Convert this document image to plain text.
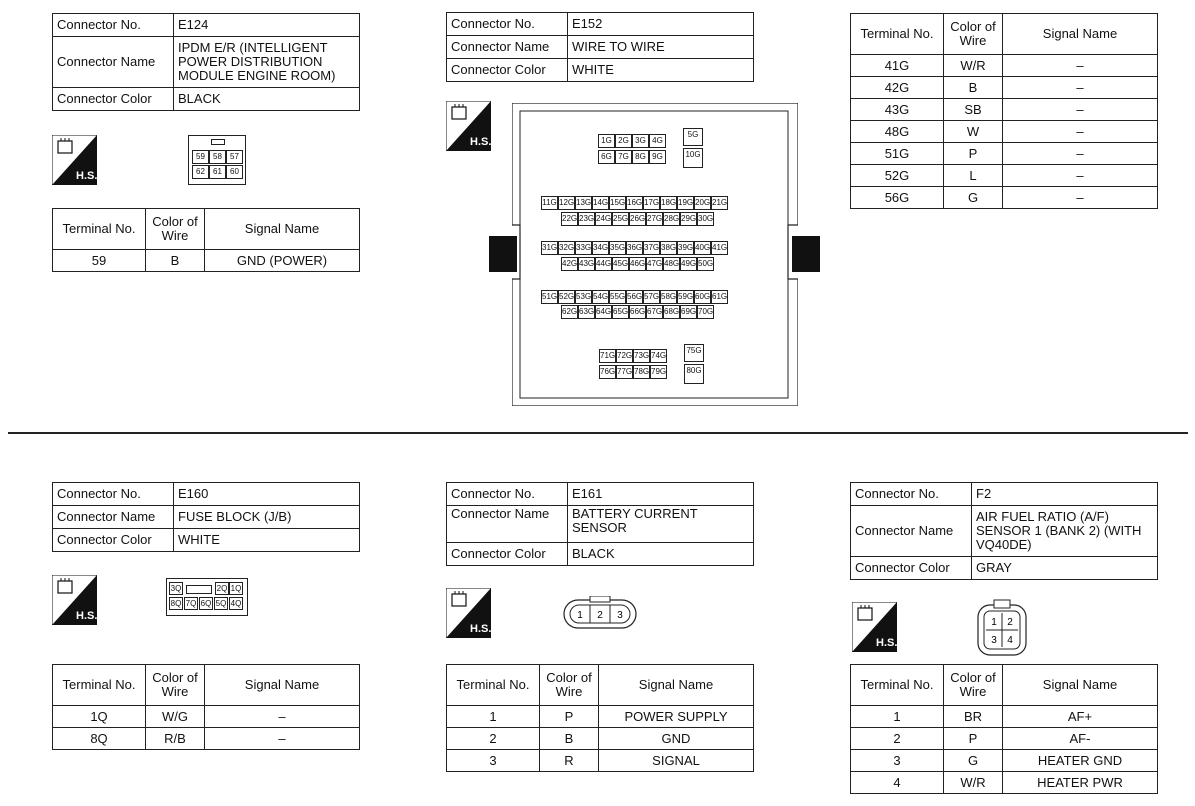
Connector No.	E124
Connector Name	IPDM E/R (INTELLIGENT POWER DISTRIBUTION MODULE ENGINE ROOM)
Connector Color	BLACK
H.S.
59	58	57
62	61	60
Terminal No.	Color of Wire	Signal Name
59	B	GND (POWER)
Connector No.	E152
Connector Name	WIRE TO WIRE
Connector Color	WHITE
H.S.	1G 2G 3G 4G
6G 7G 8G 9G
5G
10G
11G 12G 13G 14G 15G 16G 17G 18G 19G 20G 21G
22G 23G 24G 25G 26G 27G 28G 29G 30G
31G 32G 33G 34G 35G 36G 37G 38G 39G 40G 41G
42G 43G 44G 45G 46G 47G 48G 49G 50G
51G 52G 53G 54G 55G 56G 57G 58G 59G 60G 61G
62G 63G 64G 65G 66G 67G 68G 69G 70G
71G 72G 73G 74G
76G 77G 78G 79G
75G
80G
Terminal No.	Color of Wire	Signal Name
41G	W/R	–
42G	B	–
43G	SB	–
48G	W	–
51G	P	–
52G	L	–
56G	G	–
Connector No.	E160
Connector Name	FUSE BLOCK (J/B)
Connector Color	WHITE
H.S.
3Q	2Q 1Q
8Q 7Q 6Q 5Q 4Q
Terminal No.	Color of Wire	Signal Name
1Q	W/G	–
8Q	R/B	–
Connector No.	E161
Connector Name	BATTERY CURRENT SENSOR
Connector Color	BLACK
H.S.
1 2 3
Terminal No.	Color of Wire	Signal Name
1	P	POWER SUPPLY
2	B	GND
3	R	SIGNAL
Connector No.	F2
Connector Name	AIR FUEL RATIO (A/F) SENSOR 1 (BANK 2) (WITH VQ40DE)
Connector Color	GRAY
H.S.
1 2
3 4
Terminal No.	Color of Wire	Signal Name
1	BR	AF+
2	P	AF-
3	G	HEATER GND
4	W/R	HEATER PWR
